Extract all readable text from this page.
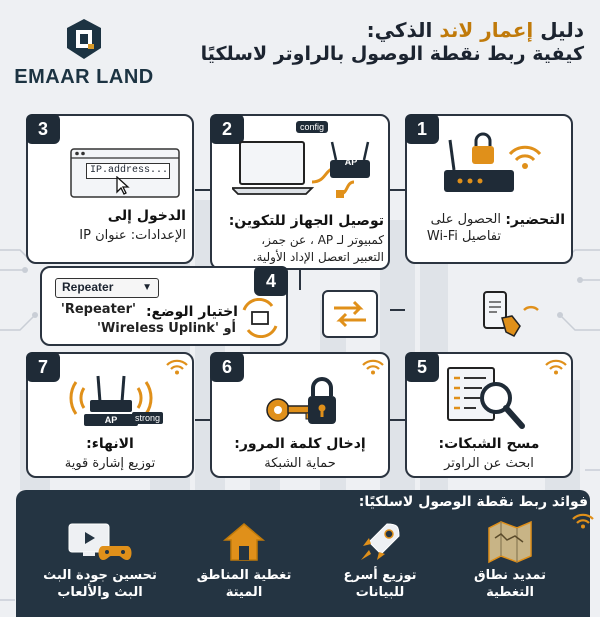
EMAAR LAND
دليل إعمار لاند الذكي:
كيفية ربط نقطة الوصول بالراوتر لاسلكيًا
3
IP.address...
الدخول إلى
الإعدادات: عنوان IP
2	config
AP
توصيل الجهاز للتكوين:
كمبيوتر لـ AP ، عن جمز،
التعبير اتعصل الإداد الأولية.
1
التحضير:
الحصول على تفاصيل Wi-Fi
4
Repeater	▼
اختيار الوضع:
'Repeater'
أو 'Wireless Uplink'
7
AP
AP	strong
الانهاء:
توزيع إشارة قوية
6
إدخال كلمة المرور:
حماية الشبكة
5
مسح الشبكات:
ابحث عن الراوتر
فوائد ربط نقطة الوصول لاسلكيًا:
تمديد نطاق
التغطية
توزيع أسرع
للبيانات
تغطية المناطق
الميتة
تحسين جودة البث
البث والألعاب
